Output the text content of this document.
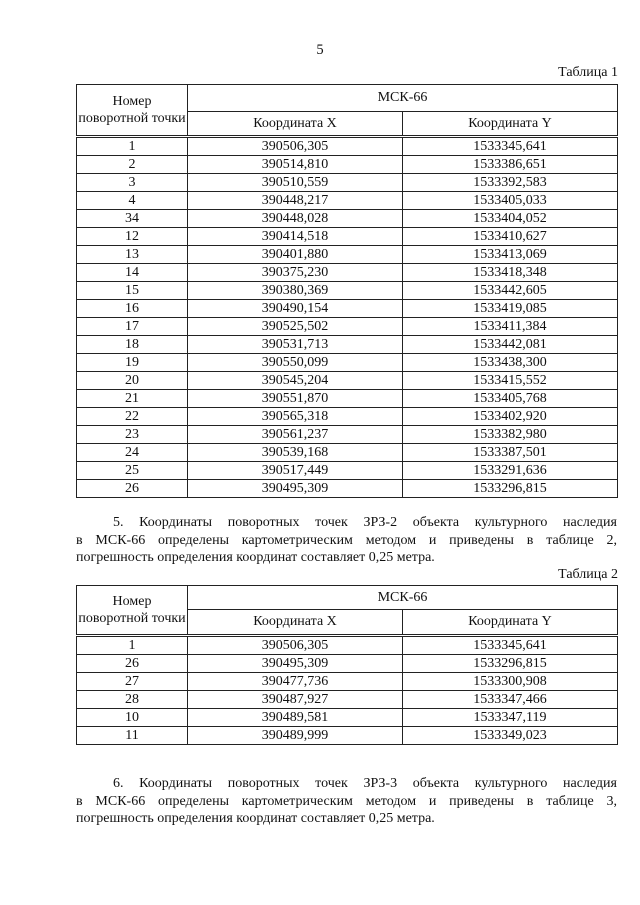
5
Таблица 1
Номер поворотной точки	МСК-66	
	Координата X	Координата Y
1	390506,305	1533345,641
2	390514,810	1533386,651
3	390510,559	1533392,583
4	390448,217	1533405,033
34	390448,028	1533404,052
12	390414,518	1533410,627
13	390401,880	1533413,069
14	390375,230	1533418,348
15	390380,369	1533442,605
16	390490,154	1533419,085
17	390525,502	1533411,384
18	390531,713	1533442,081
19	390550,099	1533438,300
20	390545,204	1533415,552
21	390551,870	1533405,768
22	390565,318	1533402,920
23	390561,237	1533382,980
24	390539,168	1533387,501
25	390517,449	1533291,636
26	390495,309	1533296,815
5. Координаты поворотных точек ЗРЗ-2 объекта культурного наследия
в МСК-66 определены картометрическим методом и приведены в таблице 2,
погрешность определения координат составляет 0,25 метра.
Таблица 2
Номер поворотной точки	МСК-66	
	Координата X	Координата Y
1	390506,305	1533345,641
26	390495,309	1533296,815
27	390477,736	1533300,908
28	390487,927	1533347,466
10	390489,581	1533347,119
11	390489,999	1533349,023
6. Координаты поворотных точек ЗРЗ-3 объекта культурного наследия
в МСК-66 определены картометрическим методом и приведены в таблице 3,
погрешность определения координат составляет 0,25 метра.
